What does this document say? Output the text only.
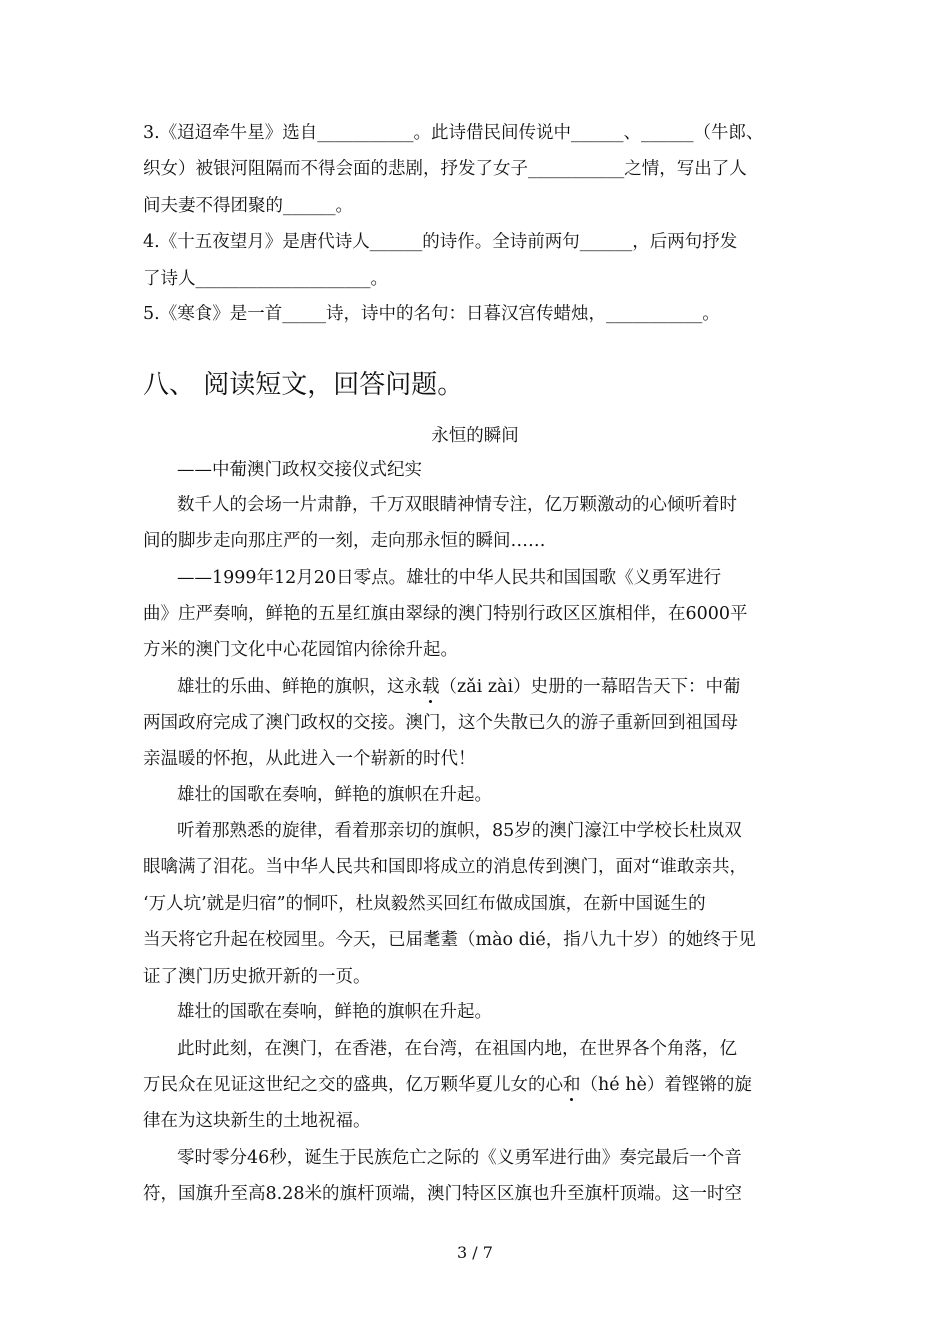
3.《迢迢牵牛星》选自___________。此诗借民间传说中______、______（牛郎、
织女）被银河阻隔而不得会面的悲剧，抒发了女子___________之情，写出了人
间夫妻不得团聚的______。
4.《十五夜望月》是唐代诗人______的诗作。全诗前两句______，后两句抒发
了诗人____________________。
5.《寒食》是一首_____诗，诗中的名句：日暮汉宫传蜡烛，___________。
八、 阅读短文，回答问题。
永恒的瞬间
——中葡澳门政权交接仪式纪实
数千人的会场一片肃静，千万双眼睛神情专注，亿万颗激动的心倾听着时
间的脚步走向那庄严的一刻，走向那永恒的瞬间……
——1999年12月20日零点。雄壮的中华人民共和国国歌《义勇军进行
曲》庄严奏响，鲜艳的五星红旗由翠绿的澳门特别行政区区旗相伴，在6000平
方米的澳门文化中心花园馆内徐徐升起。
雄壮的乐曲、鲜艳的旗帜，这永载（zǎi zài）史册的一幕昭告天下：中葡
两国政府完成了澳门政权的交接。澳门，这个失散已久的游子重新回到祖国母
亲温暖的怀抱，从此进入一个崭新的时代！
雄壮的国歌在奏响，鲜艳的旗帜在升起。
听着那熟悉的旋律，看着那亲切的旗帜，85岁的澳门濠江中学校长杜岚双
眼噙满了泪花。当中华人民共和国即将成立的消息传到澳门，面对“谁敢亲共，
‘万人坑’就是归宿”的恫吓，杜岚毅然买回红布做成国旗，在新中国诞生的
当天将它升起在校园里。今天，已届耄耋（mào dié，指八九十岁）的她终于见
证了澳门历史掀开新的一页。
雄壮的国歌在奏响，鲜艳的旗帜在升起。
此时此刻，在澳门，在香港，在台湾，在祖国内地，在世界各个角落，亿
万民众在见证这世纪之交的盛典，亿万颗华夏儿女的心和（hé hè）着铿锵的旋
律在为这块新生的土地祝福。
零时零分46秒，诞生于民族危亡之际的《义勇军进行曲》奏完最后一个音
符，国旗升至高8.28米的旗杆顶端，澳门特区区旗也升至旗杆顶端。这一时空
3 / 7
